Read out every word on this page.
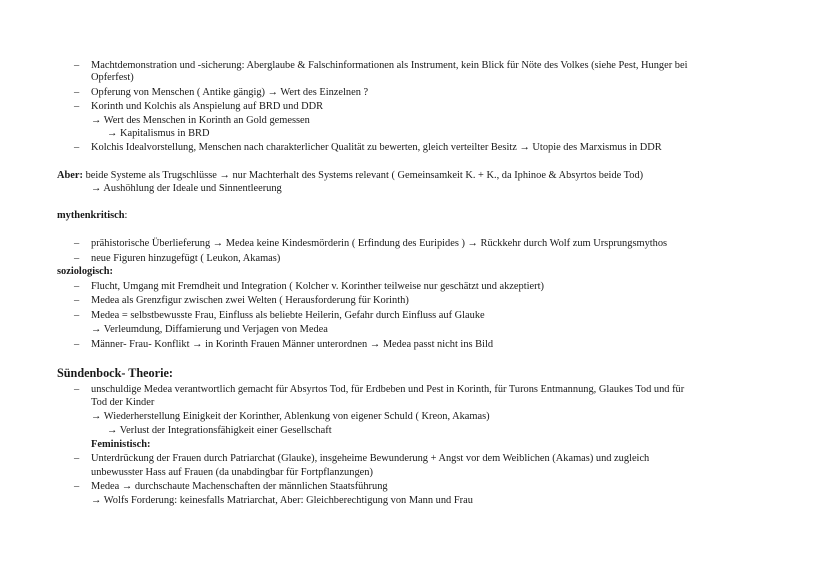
– Machtdemonstration und -sicherung: Aberglaube & Falschinformationen als Instrument, kein Blick für Nöte des Volkes (siehe Pest, Hunger bei
Opferfest)
– Opferung von Menschen ( Antike gängig) → Wert des Einzelnen ?
– Korinth und Kolchis als Anspielung auf BRD und DDR
→ Wert des Menschen in Korinth an Gold gemessen
→ Kapitalismus in BRD
– Kolchis Idealvorstellung, Menschen nach charakterlicher Qualität zu bewerten, gleich verteilter Besitz → Utopie des Marxismus in DDR
Aber: beide Systeme als Trugschlüsse → nur Machterhalt des Systems relevant ( Gemeinsamkeit K. + K., da Iphinoe & Absyrtos beide Tod)
→ Aushöhlung der Ideale und Sinnentleerung
mythenkritisch:
– prähistorische Überlieferung → Medea keine Kindesmörderin ( Erfindung des Euripides ) → Rückkehr durch Wolf zum Ursprungsmythos
– neue Figuren hinzugefügt ( Leukon, Akamas)
soziologisch:
– Flucht, Umgang mit Fremdheit und Integration ( Kolcher v. Korinther teilweise nur geschätzt und akzeptiert)
– Medea als Grenzfigur zwischen zwei Welten ( Herausforderung für Korinth)
– Medea = selbstbewusste Frau, Einfluss als beliebte Heilerin, Gefahr durch Einfluss auf Glauke
→ Verleumdung, Diffamierung und Verjagen von Medea
– Männer- Frau- Konflikt → in Korinth Frauen Männer unterordnen → Medea passt nicht ins Bild
Sündenbock- Theorie:
– unschuldige Medea verantwortlich gemacht für Absyrtos Tod, für Erdbeben und Pest in Korinth, für Turons Entmannung, Glaukes Tod und für
Tod der Kinder
→ Wiederherstellung Einigkeit der Korinther, Ablenkung von eigener Schuld ( Kreon, Akamas)
→ Verlust der Integrationsfähigkeit einer Gesellschaft
Feministisch:
– Unterdrückung der Frauen durch Patriarchat (Glauke), insgeheime Bewunderung + Angst vor dem Weiblichen (Akamas) und zugleich
unbewusster Hass auf Frauen (da unabdingbar für Fortpflanzungen)
– Medea → durchschaute Machenschaften der männlichen Staatsführung
→ Wolfs Forderung: keinesfalls Matriarchat, Aber: Gleichberechtigung von Mann und Frau
